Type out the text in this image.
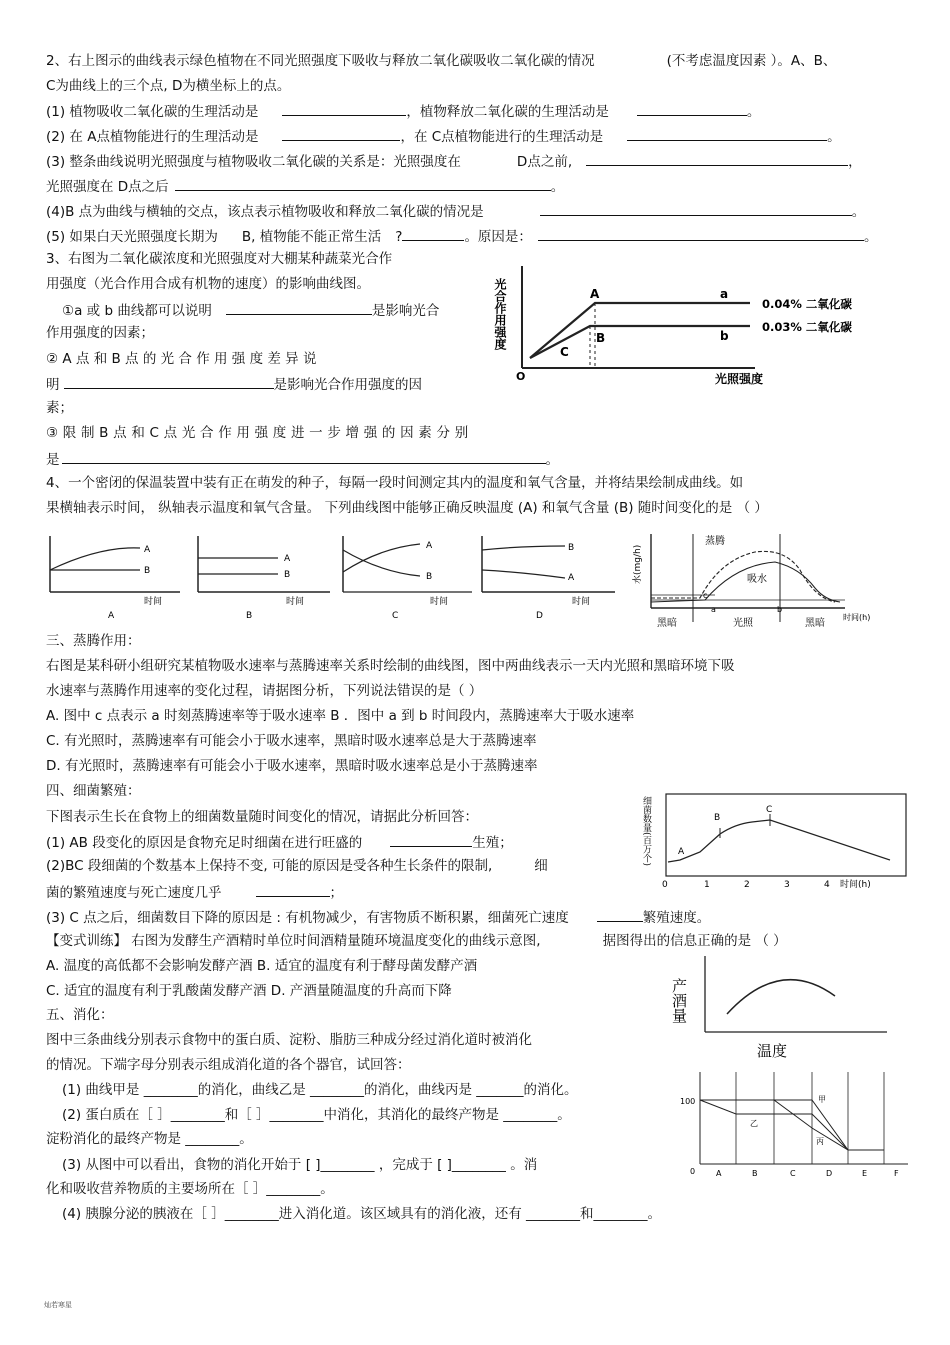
2、右上图示的曲线表示绿色植物在不同光照强度下吸收与释放二氧化碳吸收二氧化碳的情况	(不考虑温度因素 ）。A、B、
C为曲线上的三个点, D为横坐标上的点。
(1) 植物吸收二氧化碳的生理活动是	，植物释放二氧化碳的生理活动是	。
(2) 在 A点植物能进行的生理活动是	，在 C点植物能进行的生理活动是	。
(3) 整条曲线说明光照强度与植物吸收二氧化碳的关系是：光照强度在	D点之前,	，
光照强度在 D点之后	。
(4)B 点为曲线与横轴的交点，该点表示植物吸收和释放二氧化碳的情况是	。
(5) 如果白天光照强度长期为 B, 植物能不能正常生活 ?	。原因是：	。
3、右图为二氧化碳浓度和光照强度对大棚某种蔬菜光合作
用强度（光合作用合成有机物的速度）的影响曲线图。
①a 或 b 曲线都可以说明	是影响光合
作用强度的因素；
② A 点 和 B 点 的 光 合 作 用 强 度 差 异 说
明	是影响光合作用强度的因
素；
③ 限 制 B 点 和 C 点 光 合 作 用 强 度 进 一 步 增 强 的 因 素 分 别
是	。
4、一个密闭的保温装置中装有正在萌发的种子，每隔一段时间测定其内的温度和氧气含量，并将结果绘制成曲线。如
果横轴表示时间， 纵轴表示温度和氧气含量。 下列曲线图中能够正确反映温度 (A) 和氧气含量 (B) 随时间变化的是 （ ）
三、蒸腾作用：
右图是某科研小组研究某植物吸水速率与蒸腾速率关系时绘制的曲线图，图中两曲线表示一天内光照和黑暗环境下吸
水速率与蒸腾作用速率的变化过程，请据图分析，下列说法错误的是（ ）
A. 图中 c 点表示 a 时刻蒸腾速率等于吸水速率 B ．图中 a 到 b 时间段内，蒸腾速率大于吸水速率
C. 有光照时，蒸腾速率有可能会小于吸水速率，黑暗时吸水速率总是大于蒸腾速率
D. 有光照时，蒸腾速率有可能会小于吸水速率，黑暗时吸水速率总是小于蒸腾速率
四、细菌繁殖：
下图表示生长在食物上的细菌数量随时间变化的情况，请据此分析回答：
(1) AB 段变化的原因是食物充足时细菌在进行旺盛的	生殖；
(2)BC 段细菌的个数基本上保持不变, 可能的原因是受各种生长条件的限制,	细
菌的繁殖速度与死亡速度几乎	；
(3) C 点之后，细菌数目下降的原因是 : 有机物减少，有害物质不断积累，细菌死亡速度	繁殖速度。
【变式训练】 右图为发酵生产酒精时单位时间酒精量随环境温度变化的曲线示意图,	据图得出的信息正确的是 （ ）
A. 温度的高低都不会影响发酵产酒 B. 适宜的温度有利于酵母菌发酵产酒
C. 适宜的温度有利于乳酸菌发酵产酒 D. 产酒量随温度的升高而下降
五、消化：
图中三条曲线分别表示食物中的蛋白质、淀粉、脂肪三种成分经过消化道时被消化
的情况。下端字母分别表示组成消化道的各个器官，试回答：
(1) 曲线甲是 ________的消化，曲线乙是 ________的消化，曲线丙是 _______的消化。
(2) 蛋白质在［ ］________和［ ］________中消化，其消化的最终产物是 ________。
淀粉消化的最终产物是 ________。
(3) 从图中可以看出，食物的消化开始于 [ ]________ ，完成于 [ ]________ 。消
化和吸收营养物质的主要场所在［ ］________。
(4) 胰腺分泌的胰液在［ ］________进入消化道。该区域具有的消化液，还有 ________和________。
光合作用强度
O	光照强度
A
B
C
a
b
0.04% 二氧化碳
0.03% 二氧化碳
A
B
时间
A
A
B
时间
B
A
B
时间
C
B
A
时间
D
水(mg/h)
蒸腾
吸水
c
a	b
时间(h)
黑暗	光照	黑暗
细菌数量(百万个)	A
B
C
0	1	2	3	4 时间(h)
产酒量
温度
100
0
甲
乙
丙
A	B	C	D	E	F
灿若寒星
